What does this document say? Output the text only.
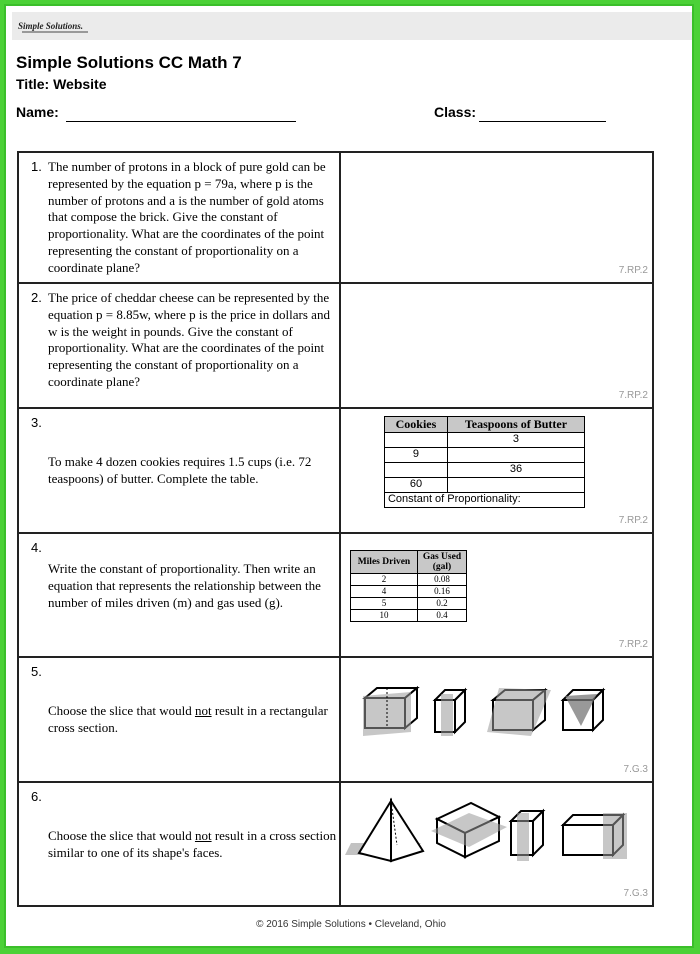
Simple Solutions.
Simple Solutions CC Math 7
Title: Website
Name:	Class:
1. The number of protons in a block of pure gold can be represented by the equation p = 79a, where p is the number of protons and a is the number of gold atoms that compose the brick. Give the constant of proportionality. What are the coordinates of the point representing the constant of proportionality on a coordinate plane?	7.RP.2

2. The price of cheddar cheese can be represented by the equation p = 8.85w, where p is the price in dollars and w is the weight in pounds. Give the constant of proportionality. What are the coordinates of the point representing the constant of proportionality on a coordinate plane?

7.RP.2

3.
To make 4 dozen cookies requires 1.5 cups (i.e. 72 teaspoons) of butter. Complete the table.

Cookies	Teaspoons of Butter
	3
9	
	36
60	
Constant of Proportionality:
7.RP.2

4.
Write the constant of proportionality. Then write an equation that represents the relationship between the number of miles driven (m) and gas used (g).

Miles Driven	Gas Used (gal)
2	0.08
4	0.16
5	0.2
10	0.4
7.RP.2

5.
Choose the slice that would not result in a rectangular cross section.

7.G.3

6.
Choose the slice that would not result in a cross section similar to one of its shape's faces.

7.G.3
© 2016 Simple Solutions • Cleveland, Ohio
